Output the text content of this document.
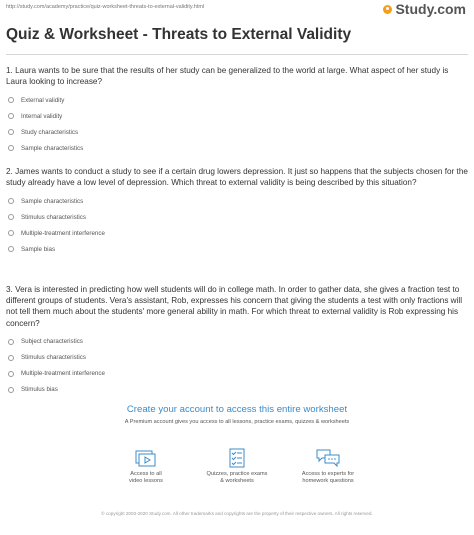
http://study.com/academy/practice/quiz-worksheet-threats-to-external-validity.html	Study.com
Quiz & Worksheet - Threats to External Validity

1. Laura wants to be sure that the results of her study can be generalized to the world at large. What aspect of her study is Laura looking to increase?

External validity
Internal validity
Study characteristics
Sample characteristics

2. James wants to conduct a study to see if a certain drug lowers depression. It just so happens that the subjects chosen for the study already have a low level of depression. Which threat to external validity is being described by this situation?

Sample characteristics
Stimulus characteristics
Multiple-treatment interference
Sample bias

3. Vera is interested in predicting how well students will do in college math. In order to gather data, she gives a fraction test to different groups of students. Vera's assistant, Rob, expresses his concern that giving the students a test with only fractions will not tell them much about the students' more general ability in math. For which threat to external validity is Rob expressing his concern?

Subject characteristics
Stimulus characteristics
Multiple-treatment interference
Stimulus bias
Create your account to access this entire worksheet
A Premium account gives you access to all lessons, practice exams, quizzes & worksheets
Access to all
video lessons
Quizzes, practice exams
& worksheets
Access to experts for
homework questions
© copyright 2003-2020 Study.com. All other trademarks and copyrights are the property of their respective owners. All rights reserved.
